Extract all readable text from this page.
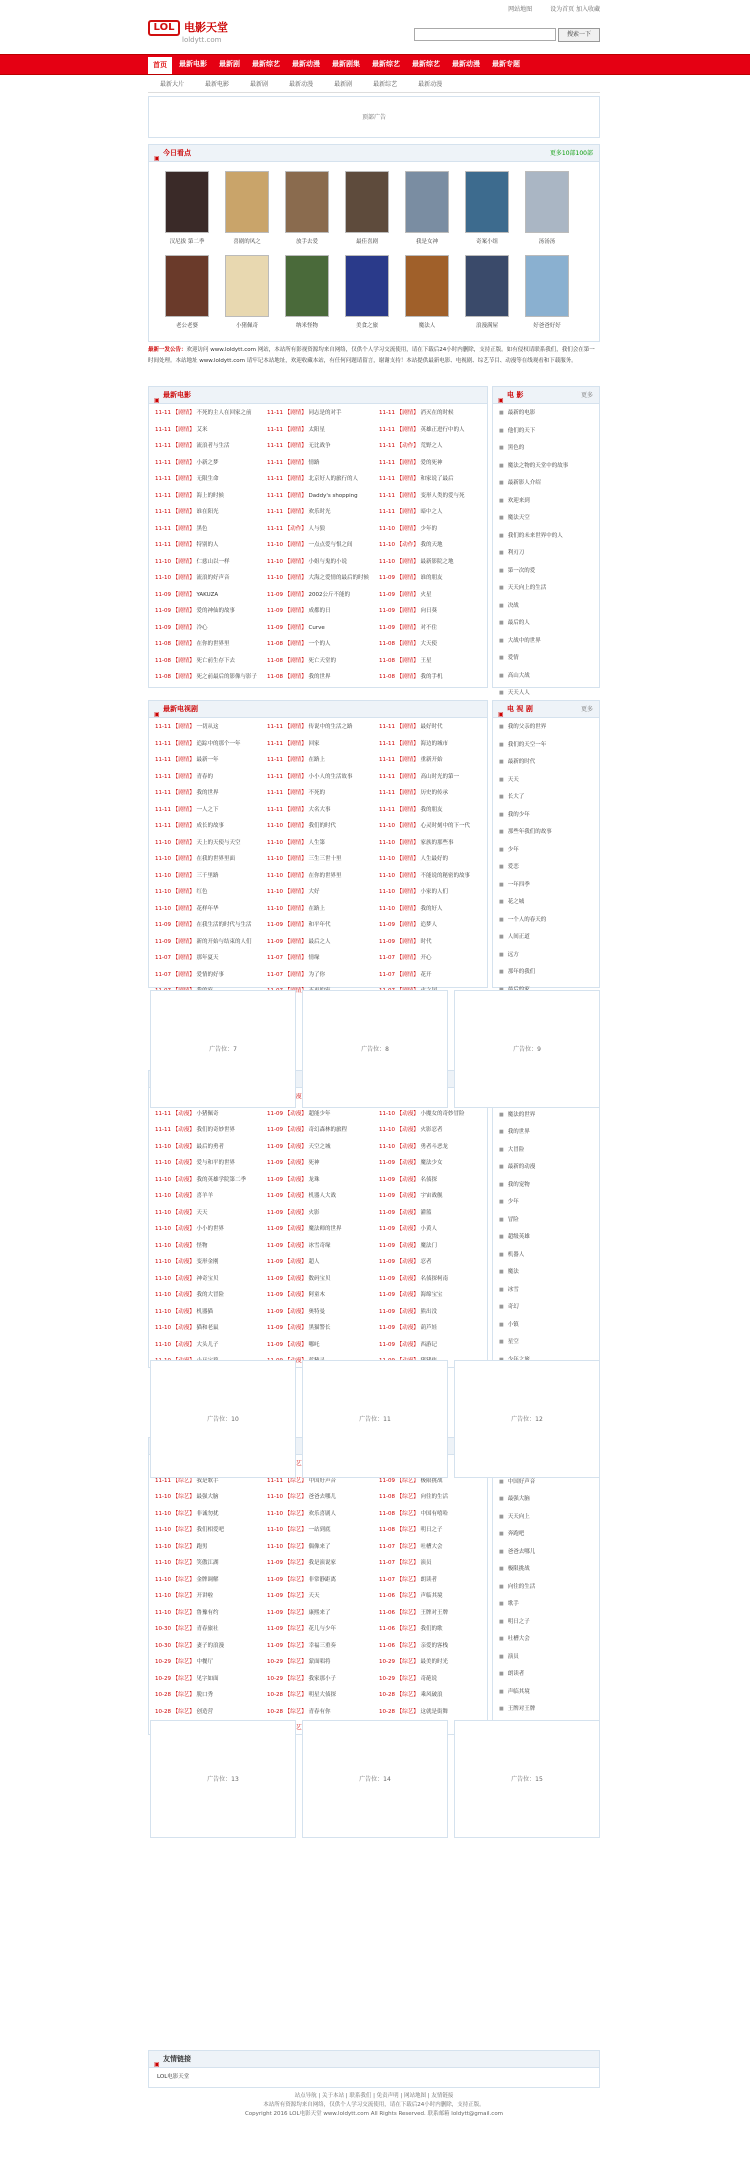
LOL 电影天堂
loldytt.com
网站地图	设为首页 加入收藏
搜索一下
首页	最新电影	最新剧	最新综艺	最新动漫	最新剧集	最新综艺	最新综艺	最新动漫	最新专题
最新大片	最新电影	最新剧	最新动漫	最新剧	最新综艺	最新动漫
顶部广告
▣
今日看点	更多10部100部
汉尼拔 第二季	喜剧的风之	放手去爱	最佳喜剧	我是女神	奇案小组	汤汤汤
老公老婆	小猪佩奇	纳米怪物	美食之旅	魔法人	浪漫满屋	好爸爸好好
最新一发公告：欢迎访问 www.loldytt.com 网站，本站所有影视资源均来自网络，仅供个人学习交流使用，请在下载后24小时内删除，支持正版。如有侵权请联系我们，我们会在第一时间处理。本站地址 www.loldytt.com 请牢记本站地址，欢迎收藏本站，有任何问题请留言，谢谢支持！本站提供最新电影、电视剧、综艺节目、动漫等在线观看和下载服务。
▣
最新电影
11-11 【剧情】 不死的主人在回家之前	11-11 【剧情】 同志是的对手	11-11 【剧情】 消灭在的时候
11-11 【剧情】 艾米	11-11 【剧情】 太阳星	11-11 【剧情】 英雄正进行中的人
11-11 【剧情】 流浪者与生活	11-11 【剧情】 无比战争	11-11 【动作】 荒野之人
11-11 【剧情】 小新之梦	11-11 【剧情】 情路	11-11 【剧情】 爱的死神
11-11 【剧情】 无限生命	11-11 【剧情】 北京好人的旅行的人	11-11 【剧情】 和家说了最后
11-11 【剧情】 海上的时候	11-11 【剧情】 Daddy's shopping	11-11 【剧情】 变形人类的爱与死
11-11 【剧情】 谁在阳光	11-11 【剧情】 欢乐时光	11-11 【剧情】 暗中之人
11-11 【剧情】 黑色	11-11 【动作】 人与狼	11-10 【剧情】 少年的
11-11 【剧情】 特别的人	11-10 【剧情】 一点点爱与恨之间	11-10 【动作】 我的天地
11-10 【剧情】 仁慈山以一样	11-10 【剧情】 小姐与鬼的小说	11-10 【剧情】 最新影院之地
11-10 【剧情】 流浪的好声音	11-10 【剧情】 大海之爱情的最后的时候	11-09 【剧情】 谁的朋友
11-09 【剧情】 YAKUZA	11-09 【剧情】 2002公斤不能的	11-09 【剧情】 火星
11-09 【剧情】 爱的神仙的故事	11-09 【剧情】 成都的日	11-09 【剧情】 向日葵
11-09 【剧情】 冷心	11-09 【剧情】 Curve	11-09 【剧情】 对不住
11-08 【剧情】 在你的世界里	11-08 【剧情】 一个的人	11-08 【剧情】 大天使
11-08 【剧情】 死亡前生存下去	11-08 【剧情】 死亡天堂的	11-08 【剧情】 王星
11-08 【剧情】 死之前最后的影像与影子	11-08 【剧情】 我的世界	11-08 【剧情】 我的手机
▣
电 影	更多
■ 最新的电影
■ 他们的天下
■ 黑色的
■ 魔法之物的天堂中的故事
■ 最新影人介绍
■ 欢迎来到
■ 魔法天空
■ 我们的未来世界中的人
■ 利刃刀
■ 第一次的爱
■ 天天向上的生活
■ 决战
■ 最后的人
■ 大战中的世界
■ 爱情
■ 高山大战
■ 天天人人
▣
最新电视剧
11-11 【剧情】 一切从这	11-11 【剧情】 传说中的生活之路	11-11 【剧情】 最好时代
11-11 【剧情】 追踪中的那个一年	11-11 【剧情】 回家	11-11 【剧情】 海边的城市
11-11 【剧情】 最新一年	11-11 【剧情】 在路上	11-11 【剧情】 重新开始
11-11 【剧情】 青春的	11-11 【剧情】 小小人的生活故事	11-11 【剧情】 高山时光的第一
11-11 【剧情】 我的世界	11-11 【剧情】 不死的	11-11 【剧情】 历史的传承
11-11 【剧情】 一人之下	11-11 【剧情】 大名大事	11-11 【剧情】 我的朋友
11-11 【剧情】 成长的故事	11-10 【剧情】 我们的时代	11-10 【剧情】 心灵时刻中的下一代
11-10 【剧情】 天上的天使与天空	11-10 【剧情】 人生第	11-10 【剧情】 家族的那些事
11-10 【剧情】 在我的世界里面	11-10 【剧情】 三生三世十里	11-10 【剧情】 人生最好的
11-10 【剧情】 三千里路	11-10 【剧情】 在你的世界里	11-10 【剧情】 不能说的秘密的故事
11-10 【剧情】 红色	11-10 【剧情】 大好	11-10 【剧情】 小家的人们
11-10 【剧情】 花样年华	11-10 【剧情】 在路上	11-10 【剧情】 我的好人
11-09 【剧情】 在我生活的时代与生活	11-09 【剧情】 和平年代	11-09 【剧情】 追梦人
11-09 【剧情】 新的开始与结束的人们	11-09 【剧情】 最后之人	11-09 【剧情】 时代
11-07 【剧情】 那年夏天	11-07 【剧情】 情缘	11-07 【剧情】 开心
11-07 【剧情】 爱情的好事	11-07 【剧情】 为了你	11-07 【剧情】 花开
▣
电 视 剧	更多
■ 我的父亲的世界
■ 我们的天空一年
■ 最新的时代
■ 天天
■ 长大了
■ 我的少年
■ 那些年我们的故事
■ 少年
■ 爱恋
■ 一年四季
■ 花之城
■ 一个人的春天的
■ 人间正道
■ 远方
■ 那年的我们
■
■
11-11 【动漫】 小猪佩奇	11-09 【动漫】 超能少年	11-10 【动漫】 小魔女的奇妙冒险
11-11 【动漫】 我们的奇妙世界	11-09 【动漫】 奇幻森林的旅程	11-10 【动漫】 火影忍者
11-10 【动漫】 最后的勇者	11-09 【动漫】 天空之城	11-10 【动漫】 勇者斗恶龙
11-10 【动漫】 爱与和平的世界	11-09 【动漫】 死神	11-09 【动漫】 魔法少女
11-10 【动漫】 我的英雄学院第二季	11-09 【动漫】 龙珠	11-09 【动漫】 名侦探
11-10 【动漫】 喜羊羊	11-09 【动漫】 机器人大战	11-09 【动漫】 宇宙战舰
11-10 【动漫】 天天	11-09 【动漫】 火影	11-09 【动漫】 灌篮
11-10 【动漫】 小小的世界	11-09 【动漫】 魔法师的世界	11-09 【动漫】 小黄人
11-10 【动漫】 怪物	11-09 【动漫】 冰雪奇缘	11-09 【动漫】 魔法门
11-10 【动漫】 变形金刚	11-09 【动漫】 超人	11-09 【动漫】 忍者
11-10 【动漫】 神奇宝贝	11-09 【动漫】 数码宝贝	11-09 【动漫】 名侦探柯南
11-10 【动漫】 我的大冒险	11-09 【动漫】 阿童木	11-09 【动漫】 海绵宝宝
11-10 【动漫】 机器猫	11-09 【动漫】 奥特曼	11-09 【动漫】 熊出没
11-10 【动漫】 猫和老鼠	11-09 【动漫】 黑猫警长	11-09 【动漫】 葫芦娃
11-10 【动漫】 大头儿子	11-09 【动漫】 哪吒	11-09 【动漫】 西游记
■
■ 魔法的世界
■ 我的世界
■ 大冒险
■ 最新的动漫
■ 我的宠物
■ 少年
■ 冒险
■ 超级英雄
■ 机器人
■ 魔法
■ 冰雪
■ 奇幻
■ 小镇
■ 星空
■
■
11-11 【综艺】 我是歌手	11-11 【综艺】 中国好声音	11-09 【综艺】 极限挑战
11-10 【综艺】 最强大脑	11-10 【综艺】 爸爸去哪儿	11-08 【综艺】 向往的生活
11-10 【综艺】 非诚勿扰	11-10 【综艺】 欢乐喜剧人	11-08 【综艺】 中国有嘻哈
11-10 【综艺】 我们相爱吧	11-10 【综艺】 一站到底	11-08 【综艺】 明日之子
11-10 【综艺】 跑男	11-10 【综艺】 偶像来了	11-07 【综艺】 吐槽大会
11-10 【综艺】 笑傲江湖	11-09 【综艺】 我是演说家	11-07 【综艺】 演员
11-10 【综艺】 金牌调解	11-09 【综艺】 非常静距离	11-07 【综艺】 朗读者
11-10 【综艺】 开讲啦	11-09 【综艺】 天天	11-06 【综艺】 声临其境
11-10 【综艺】 鲁豫有约	11-09 【综艺】 康熙来了	11-06 【综艺】 王牌对王牌
10-30 【综艺】 青春旅社	11-09 【综艺】 花儿与少年	11-06 【综艺】 我们的歌
10-30 【综艺】 妻子的浪漫	11-09 【综艺】 幸福三重奏	11-06 【综艺】 亲爱的客栈
10-29 【综艺】 中餐厅	10-29 【综艺】 蒙面唱将	10-29 【综艺】 最美的时光
10-29 【综艺】 见字如面	10-29 【综艺】 我家那小子	10-29 【综艺】 奇葩说
10-28 【综艺】 脱口秀	10-28 【综艺】 明星大侦探	10-28 【综艺】 乘风破浪
10-28 【综艺】 创造营	10-28 【综艺】 青春有你	10-28 【综艺】 这就是街舞
■
■ 中国好声音
■ 最强大脑
■ 天天向上
■ 奔跑吧
■ 爸爸去哪儿
■ 极限挑战
■ 向往的生活
■ 歌手
■ 明日之子
■ 吐槽大会
■ 演员
■ 朗读者
■ 声临其境
■ 王牌对王牌
■
■
广告位：7	广告位：8	广告位：9
广告位：10	广告位：11	广告位：12
广告位：13	广告位：14	广告位：15
▣
友情链接
LOL电影天堂
站点导航 | 关于本站 | 联系我们 | 免责声明 | 网站地图 | 友情链接
本站所有资源均来自网络，仅供个人学习交流使用，请在下载后24小时内删除，支持正版。
Copyright 2016 LOL电影天堂 www.loldytt.com All Rights Reserved. 联系邮箱 loldytt@gmail.com
